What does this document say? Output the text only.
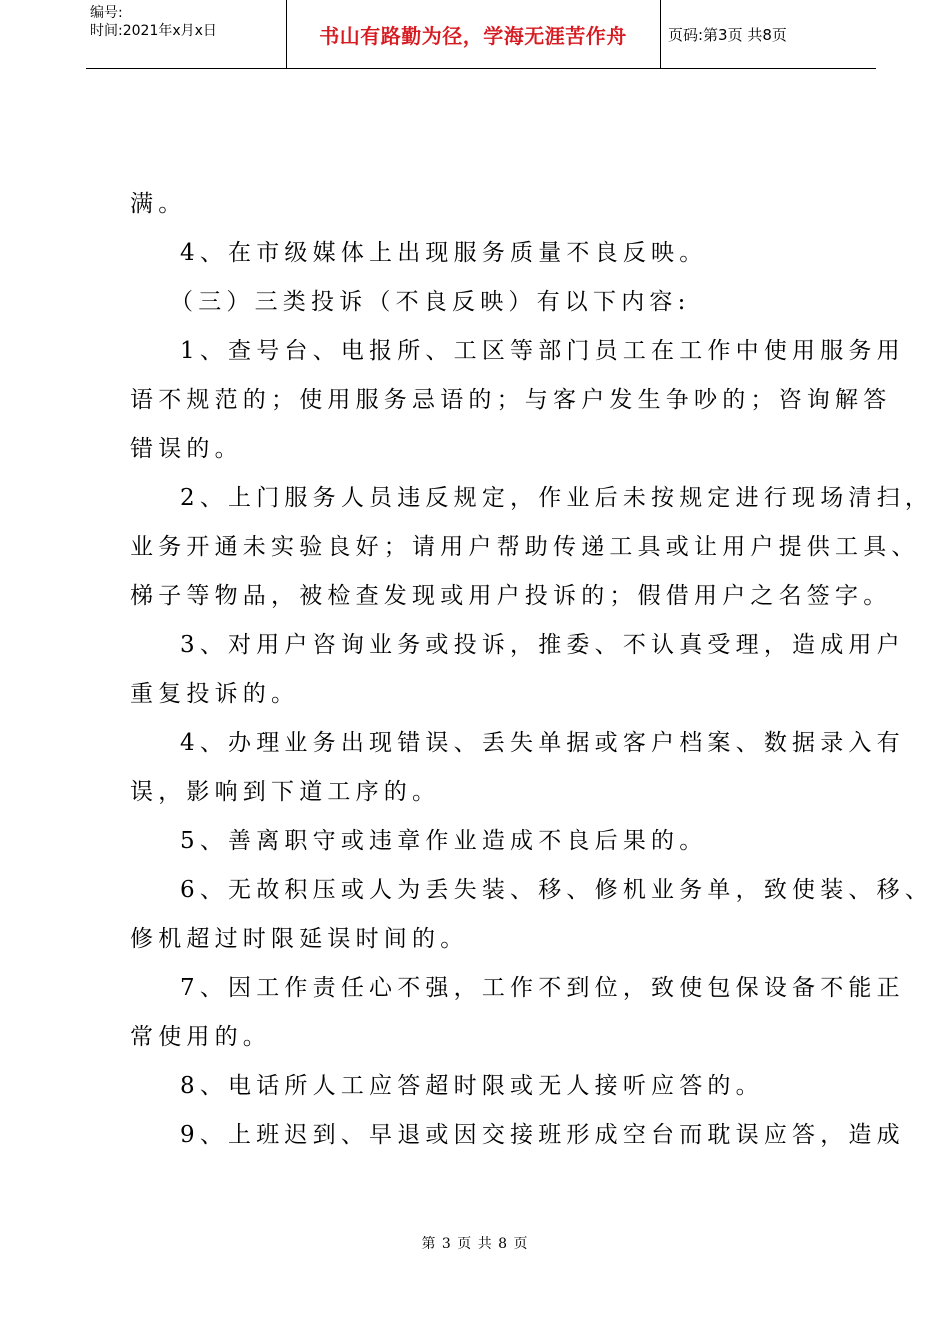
编号:
时间:2021年x月x日	书山有路勤为径，学海无涯苦作舟	页码:第3页 共8页

满。

4、在市级媒体上出现服务质量不良反映。

（三）三类投诉（不良反映）有以下内容:

1、查号台、电报所、工区等部门员工在工作中使用服务用

语不规范的；使用服务忌语的；与客户发生争吵的；咨询解答

错误的。

2、上门服务人员违反规定，作业后未按规定进行现场清扫，

业务开通未实验良好；请用户帮助传递工具或让用户提供工具、

梯子等物品，被检查发现或用户投诉的；假借用户之名签字。

3、对用户咨询业务或投诉，推委、不认真受理，造成用户

重复投诉的。

4、办理业务出现错误、丢失单据或客户档案、数据录入有

误，影响到下道工序的。

5、善离职守或违章作业造成不良后果的。

6、无故积压或人为丢失装、移、修机业务单，致使装、移、

修机超过时限延误时间的。

7、因工作责任心不强，工作不到位，致使包保设备不能正

常使用的。

8、电话所人工应答超时限或无人接听应答的。

9、上班迟到、早退或因交接班形成空台而耽误应答，造成

第 3 页 共 8 页
